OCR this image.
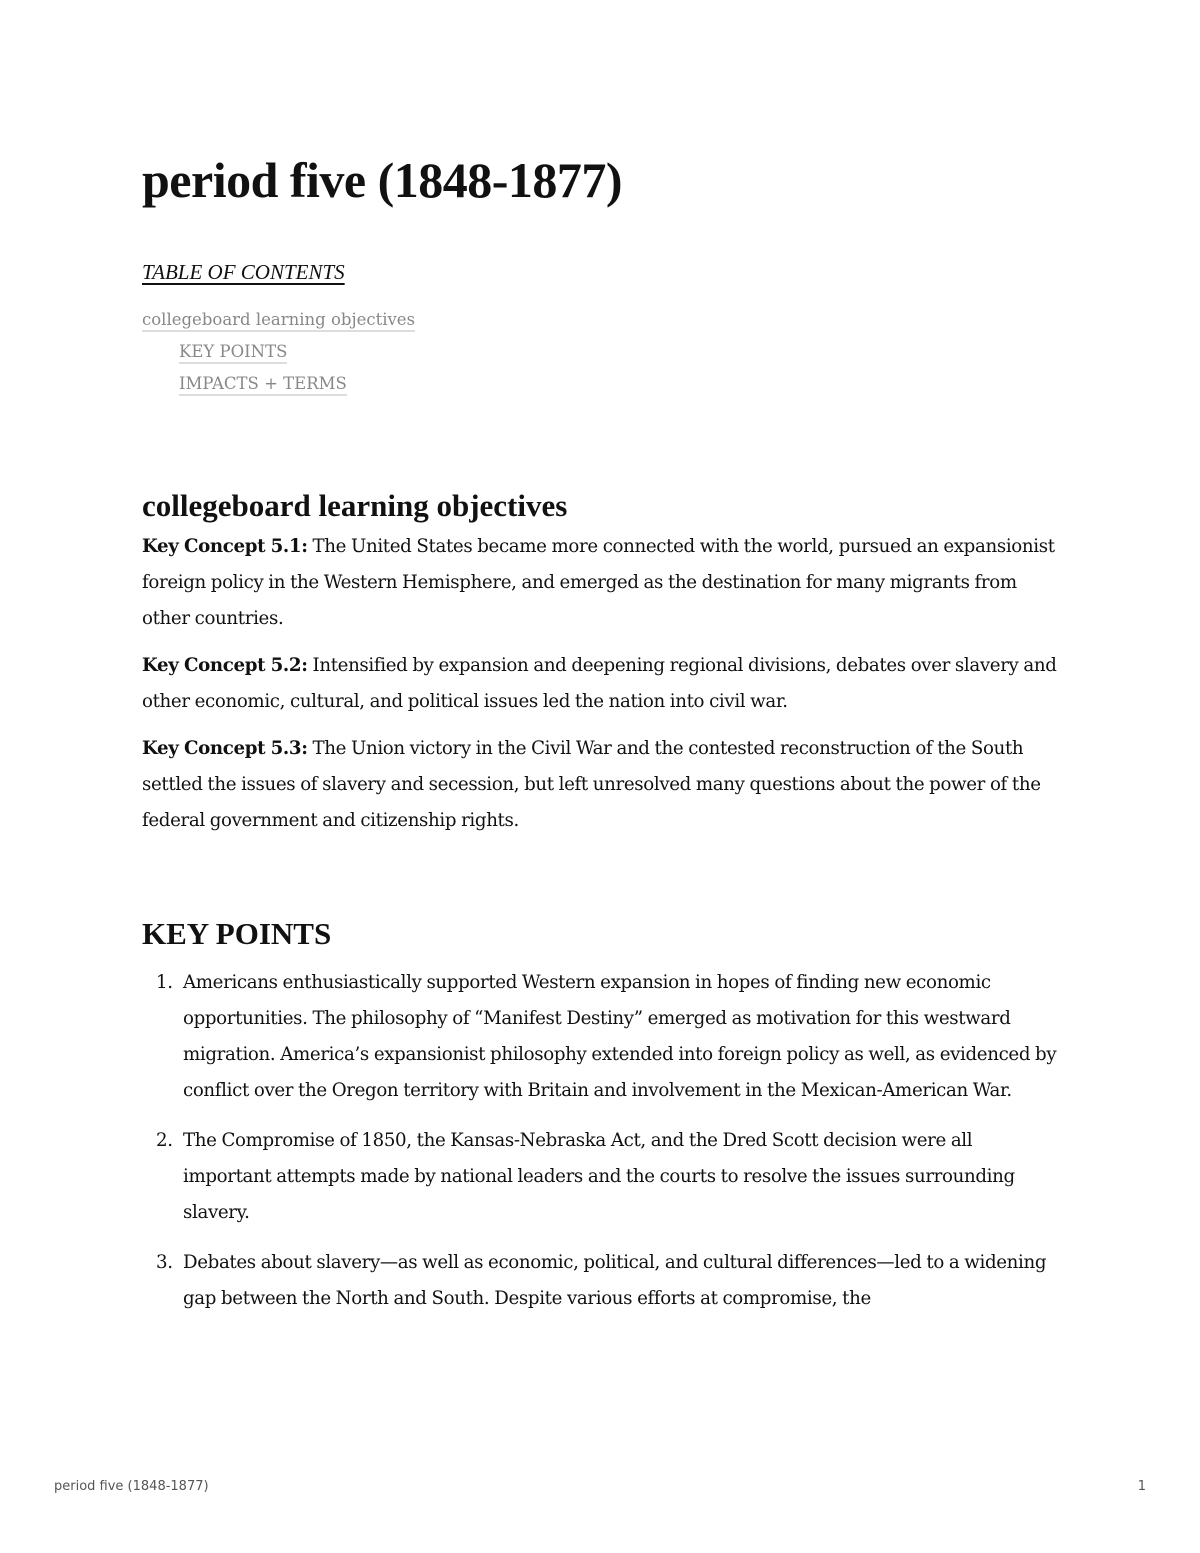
period five (1848-1877)
TABLE OF CONTENTS
collegeboard learning objectives
KEY POINTS
IMPACTS + TERMS
collegeboard learning objectives

Key Concept 5.1: The United States became more connected with the world, pursued an expansionist foreign policy in the Western Hemisphere, and emerged as the destination for many migrants from other countries.

Key Concept 5.2: Intensified by expansion and deepening regional divisions, debates over slavery and other economic, cultural, and political issues led the nation into civil war.

Key Concept 5.3: The Union victory in the Civil War and the contested reconstruction of the South settled the issues of slavery and secession, but left unresolved many questions about the power of the federal government and citizenship rights.

KEY POINTS
1. Americans enthusiastically supported Western expansion in hopes of finding new economic opportunities. The philosophy of “Manifest Destiny” emerged as motivation for this westward migration. America’s expansionist philosophy extended into foreign policy as well, as evidenced by conflict over the Oregon territory with Britain and involvement in the Mexican-American War.
2. The Compromise of 1850, the Kansas-Nebraska Act, and the Dred Scott decision were all important attempts made by national leaders and the courts to resolve the issues surrounding slavery.
3. Debates about slavery—as well as economic, political, and cultural differences—led to a widening gap between the North and South. Despite various efforts at compromise, the
period five (1848-1877)	1
